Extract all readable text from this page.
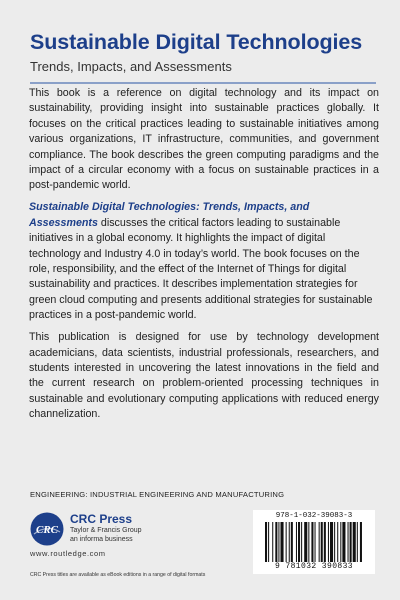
Sustainable Digital Technologies
Trends, Impacts, and Assessments

This book is a reference on digital technology and its impact on sustainability, providing insight into sustainable practices globally. It focuses on the critical practices leading to sustainable initiatives among various organizations, IT infrastructure, communities, and government compliance. The book describes the green computing paradigms and the impact of a circular economy with a focus on sustainable practices in a post-pandemic world.

Sustainable Digital Technologies: Trends, Impacts, and Assessments discusses the critical factors leading to sustainable initiatives in a global economy. It highlights the impact of digital technology and Industry 4.0 in today’s world. The book focuses on the role, responsibility, and the effect of the Internet of Things for digital sustainability and practices. It describes implementation strategies for green cloud computing and presents additional strategies for sustainable practices in a post-pandemic world.

This publication is designed for use by technology development academicians, data scientists, industrial professionals, researchers, and students interested in uncovering the latest innovations in the field and the current research on problem-oriented processing techniques in sustainable and evolutionary computing applications with reduced energy channelization.

ENGINEERING: INDUSTRIAL ENGINEERING AND MANUFACTURING
CRC
CRC Press
Taylor & Francis Group
an informa business
www.routledge.com
CRC Press titles are available as eBook editions in a range of digital formats
978-1-032-39083-3
9 781032 390833
